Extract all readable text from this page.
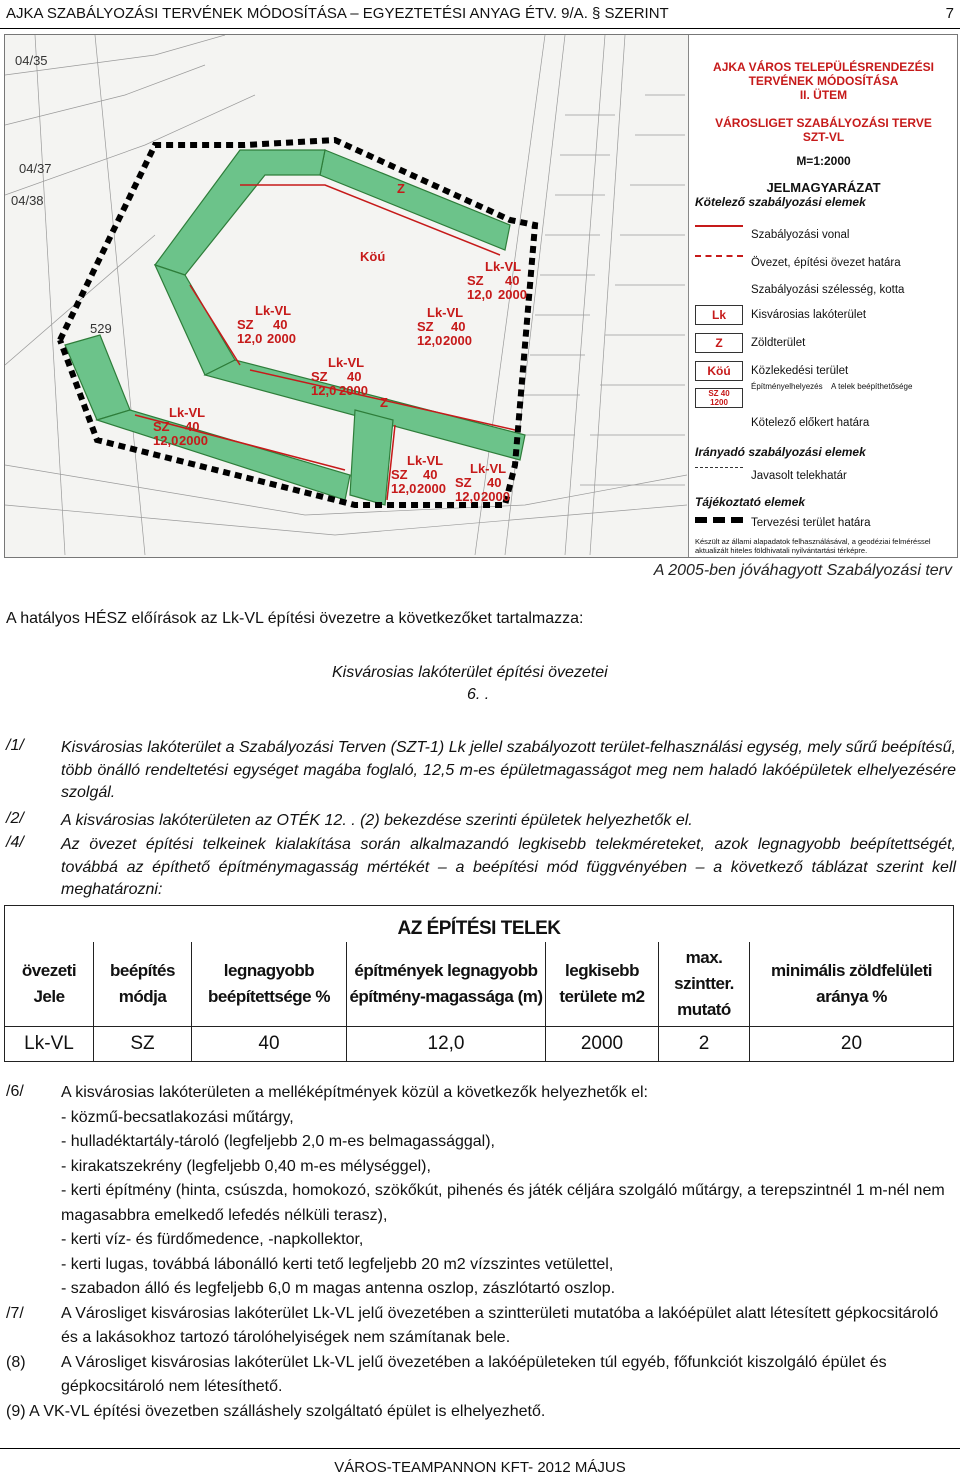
AJKA SZABÁLYOZÁSI TERVÉNEK MÓDOSÍTÁSA – EGYEZTETÉSI ANYAG ÉTV. 9/A. § SZERINT	7
Z
Z
Köú
Lk-VL
SZ 40
12,0 2000
Lk-VL
SZ 40
12,0 2000
Lk-VL
SZ 40
12,0 2000
Lk-VL
SZ 40
12,0 2000
Lk-VL
SZ 40
12,0 2000
Lk-VL
SZ 40
12,0 2000
Lk-VL
SZ 40
12,0 2000
04/35
04/37
04/38
529
AJKA VÁROS TELEPÜLÉSRENDEZÉSI
TERVÉNEK MÓDOSÍTÁSA
II. ÜTEM
VÁROSLIGET SZABÁLYOZÁSI TERVE
SZT-VL
M=1:2000
JELMAGYARÁZAT
Kötelező szabályozási elemek
Szabályozási vonal
Övezet, építési övezet határa
Szabályozási szélesség, kotta
Lk	Kisvárosias lakóterület
Z	Zöldterület
Köú	Közlekedési terület
Építményelhelyezés A telek beépíthetősége
SZ 40
1200
Kötelező előkert határa
Irányadó szabályozási elemek
Javasolt telekhatár
Tájékoztató elemek
Tervezési terület határa
Készült az állami alapadatok felhasználásával, a geodéziai felméréssel aktualizált hiteles földhivatali nyilvántartási térképre.
A 2005-ben jóváhagyott Szabályozási terv
A hatályos HÉSZ előírások az Lk-VL építési övezetre a következőket tartalmazza:
Kisvárosias lakóterület építési övezetei
6. .
/1/ Kisvárosias lakóterület a Szabályozási Terven (SZT-1) Lk jellel szabályozott terület-felhasználási egység, mely sűrű beépítésű, több önálló rendeltetési egységet magába foglaló, 12,5 m-es épületmagasságot meg nem haladó lakóépületek elhelyezésére szolgál.
/2/ A kisvárosias lakóterületen az OTÉK 12. . (2) bekezdése szerinti épületek helyezhetők el.
/4/ Az övezet építési telkeinek kialakítása során alkalmazandó legkisebb telekméreteket, azok legnagyobb beépítettségét, továbbá az építhető építménymagasság mértékét – a beépítési mód függvényében – a következő táblázat szerint kell meghatározni:
AZ ÉPÍTÉSI TELEK						
övezeti Jele	beépítés módja	legnagyobb beépítettsége %	építmények legnagyobb építmény-magassága (m)	legkisebb területe m2	max. szintter. mutató	minimális zöldfelületi aránya %
Lk-VL	SZ	40	12,0	2000	2	20
/6/ A kisvárosias lakóterületen a melléképítmények közül a következők helyezhetők el:
- közmű-becsatlakozási műtárgy,
- hulladéktartály-tároló (legfeljebb 2,0 m-es belmagassággal),
- kirakatszekrény (legfeljebb 0,40 m-es mélységgel),
- kerti építmény (hinta, csúszda, homokozó, szökőkút, pihenés és játék céljára szolgáló műtárgy, a terepszintnél 1 m-nél nem magasabbra emelkedő lefedés nélküli terasz),
- kerti víz- és fürdőmedence, -napkollektor,
- kerti lugas, továbbá lábonálló kerti tető legfeljebb 20 m2 vízszintes vetülettel,
- szabadon álló és legfeljebb 6,0 m magas antenna oszlop, zászlótartó oszlop.
/7/	A Városliget kisvárosias lakóterület Lk-VL jelű övezetében a szintterületi mutatóba a lakóépület alatt létesített gépkocsitároló és a lakásokhoz tartozó tárolóhelyiségek nem számítanak bele.
(8)	A Városliget kisvárosias lakóterület Lk-VL jelű övezetében a lakóépületeken túl egyéb, főfunkciót kiszolgáló épület és gépkocsitároló nem létesíthető.
(9) A VK-VL építési övezetben szálláshely szolgáltató épület is elhelyezhető.
VÁROS-TEAMPANNON KFT- 2012 MÁJUS
